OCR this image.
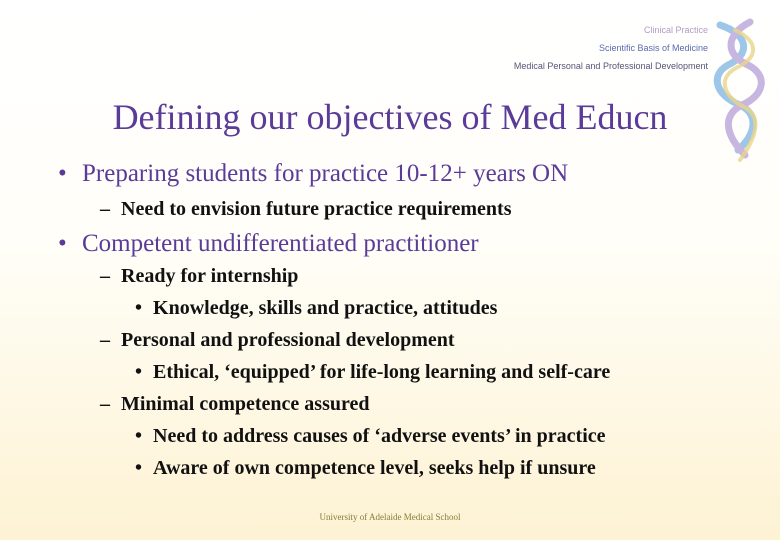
Clinical Practice
Scientific Basis of Medicine
Medical Personal and Professional Development
Defining our objectives of Med Educn
• Preparing students for practice 10-12+ years ON
– Need to envision future practice requirements
• Competent undifferentiated practitioner
– Ready for internship
• Knowledge, skills and practice, attitudes
– Personal and professional development
• Ethical, ‘equipped’ for life-long learning and self-care
– Minimal competence assured
• Need to address causes of ‘adverse events’ in practice
• Aware of own competence level, seeks help if unsure
University of Adelaide Medical School
